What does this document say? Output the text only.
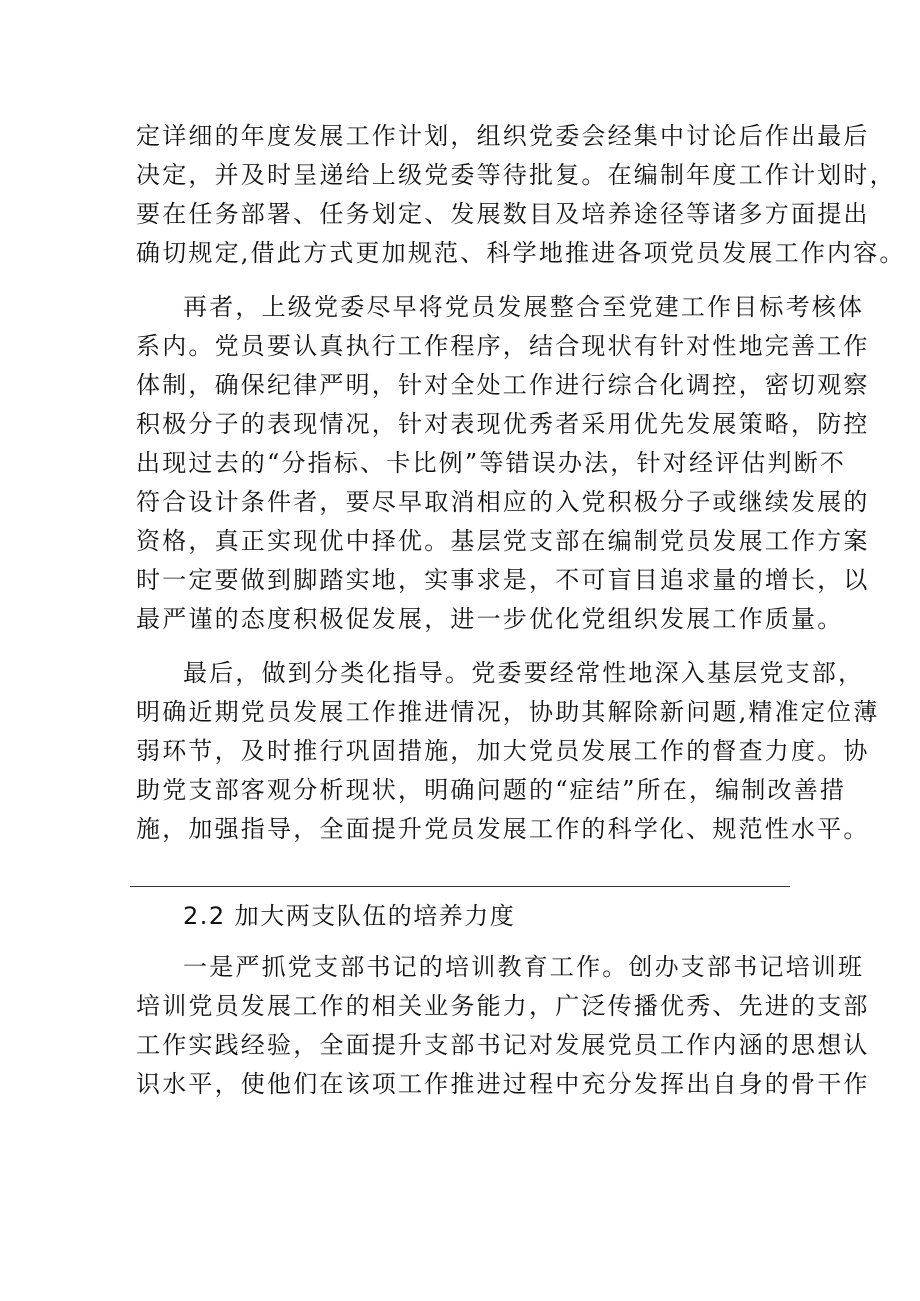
定详细的年度发展工作计划，组织党委会经集中讨论后作出最后
决定，并及时呈递给上级党委等待批复。在编制年度工作计划时，
要在任务部署、任务划定、发展数目及培养途径等诸多方面提出
确切规定,借此方式更加规范、科学地推进各项党员发展工作内容。
再者，上级党委尽早将党员发展整合至党建工作目标考核体
系内。党员要认真执行工作程序，结合现状有针对性地完善工作
体制，确保纪律严明，针对全处工作进行综合化调控，密切观察
积极分子的表现情况，针对表现优秀者采用优先发展策略，防控
出现过去的“分指标、卡比例”等错误办法，针对经评估判断不
符合设计条件者，要尽早取消相应的入党积极分子或继续发展的
资格，真正实现优中择优。基层党支部在编制党员发展工作方案
时一定要做到脚踏实地，实事求是，不可盲目追求量的增长，以
最严谨的态度积极促发展，进一步优化党组织发展工作质量。
最后，做到分类化指导。党委要经常性地深入基层党支部，
明确近期党员发展工作推进情况，协助其解除新问题,精准定位薄
弱环节，及时推行巩固措施，加大党员发展工作的督查力度。协
助党支部客观分析现状，明确问题的“症结”所在，编制改善措
施，加强指导，全面提升党员发展工作的科学化、规范性水平。
2.2 加大两支队伍的培养力度
一是严抓党支部书记的培训教育工作。创办支部书记培训班
培训党员发展工作的相关业务能力，广泛传播优秀、先进的支部
工作实践经验，全面提升支部书记对发展党员工作内涵的思想认
识水平，使他们在该项工作推进过程中充分发挥出自身的骨干作
